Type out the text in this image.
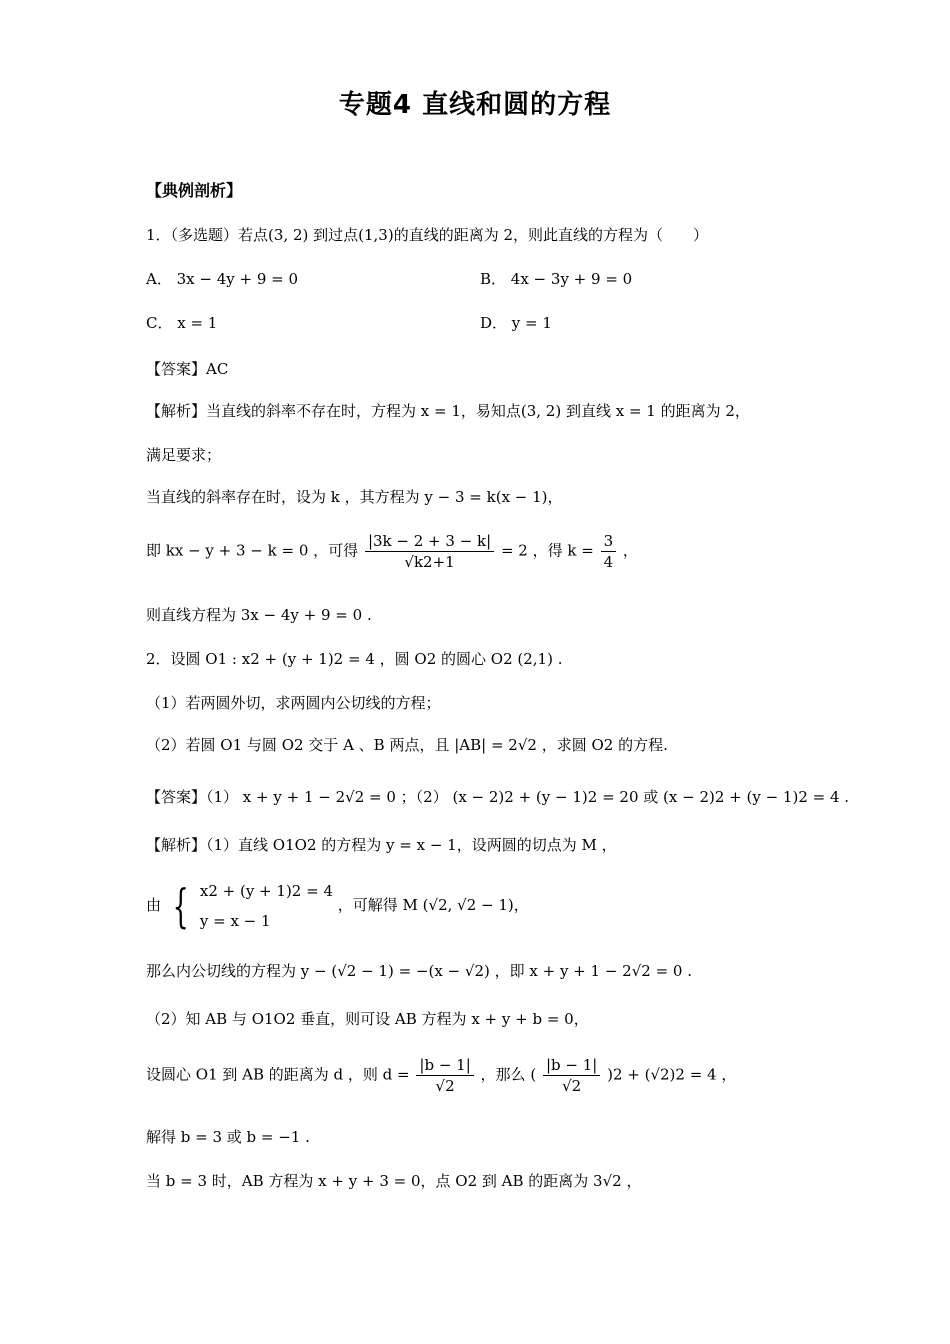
专题4 直线和圆的方程
【典例剖析】
1．（多选题）若点(3, 2) 到过点(1,3)的直线的距离为 2，则此直线的方程为（　　）
A． 3x − 4y + 9 = 0	B． 4x − 3y + 9 = 0
C． x = 1	D． y = 1
【答案】AC
【解析】当直线的斜率不存在时，方程为 x = 1，易知点(3, 2) 到直线 x = 1 的距离为 2，
满足要求；
当直线的斜率存在时，设为 k ，其方程为 y − 3 = k(x − 1)，
即 kx − y + 3 − k = 0 ，可得 $\frac{|3k - 2 + 3 - k|}{√k2+1} = 2$ ，得 $k = \frac{3}{4}$ ，
则直线方程为 3x − 4y + 9 = 0 .
2．设圆 O1 : x2 + (y + 1)2 = 4 ，圆 O2 的圆心 O2 (2,1) .
（1）若两圆外切，求两圆内公切线的方程；
（2）若圆 O1 与圆 O2 交于 A 、B 两点，且 |AB| = 2√2 ，求圆 O2 的方程.
【答案】（1） x + y + 1 − 2√2 = 0 ；（2） (x − 2)2 + (y − 1)2 = 20 或 (x − 2)2 + (y − 1)2 = 4 .
【解析】（1）直线 O1O2 的方程为 y = x − 1，设两圆的切点为 M ，
由 { x2 + (y + 1)2 = 4
y = x − 1
，可解得 M (√2, √2 − 1)，
那么内公切线的方程为 y − (√2 − 1) = −(x − √2) ，即 x + y + 1 − 2√2 = 0 .
（2）知 AB 与 O1O2 垂直，则可设 AB 方程为 x + y + b = 0，
设圆心 O1 到 AB 的距离为 d ，则 $d = \frac{|b - 1|}{√2}$ ，那么 ( $\frac{|b - 1|}{√2} )2 + (√2)2 = 4$ ，
解得 b = 3 或 b = −1 .
当 b = 3 时，AB 方程为 x + y + 3 = 0，点 O2 到 AB 的距离为 3√2 ，
